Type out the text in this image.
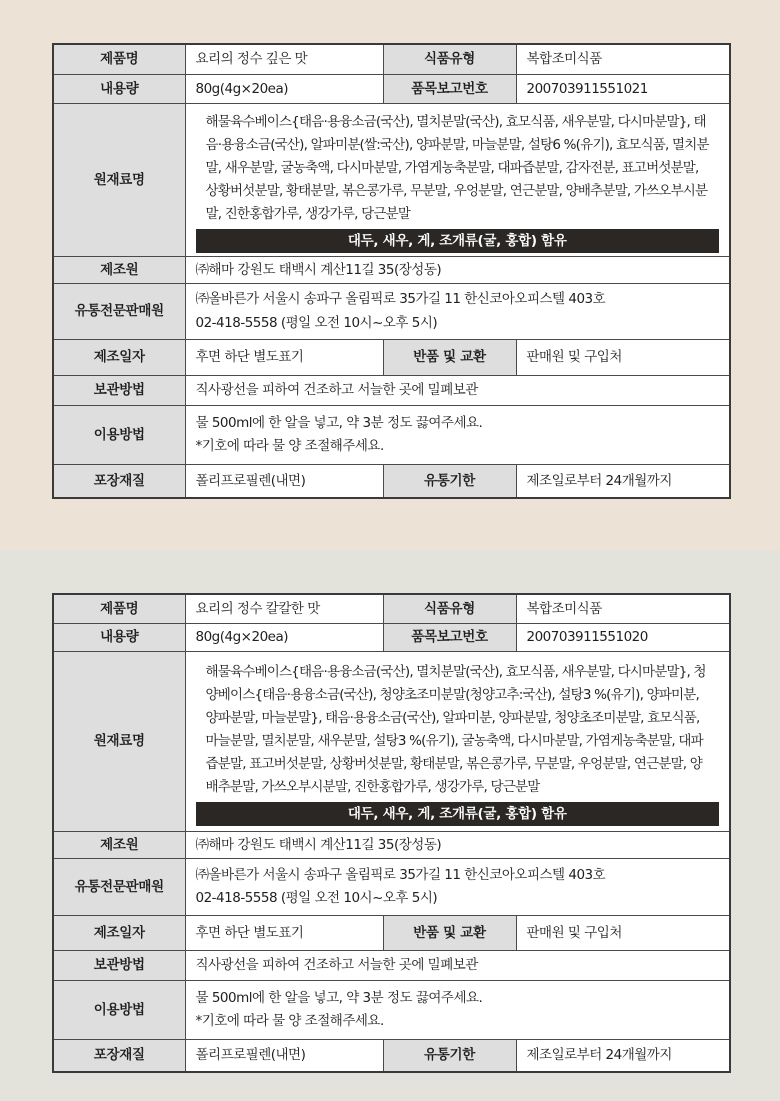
제품명	요리의 정수 깊은 맛	식품유형	복합조미식품
내용량	80g(4g×20ea)	품목보고번호	200703911551021
원재료명	해물육수베이스{태음·용융소금(국산), 멸치분말(국산), 효모식품, 새우분말, 다시마분말}, 태음·용융소금(국산), 알파미분(쌀:국산), 양파분말, 마늘분말, 설탕6 %(유기), 효모식품, 멸치분말, 새우분말, 굴농축액, 다시마분말, 가염게농축분말, 대파즙분말, 감자전분, 표고버섯분말, 상황버섯분말, 황태분말, 볶은콩가루, 무분말, 우엉분말, 연근분말, 양배추분말, 가쓰오부시분말, 진한홍합가루, 생강가루, 당근분말
대두, 새우, 게, 조개류(굴, 홍합) 함유		

제조원	㈜해마 강원도 태백시 계산11길 35(장성동)		
유통전문판매원	㈜올바른가 서울시 송파구 올림픽로 35가길 11 한신코아오피스텔 403호
02-418-5558 (평일 오전 10시~오후 5시)		

제조일자	후면 하단 별도표기	반품 및 교환	판매원 및 구입처
보관방법	직사광선을 피하여 건조하고 서늘한 곳에 밀폐보관		
이용방법	물 500ml에 한 알을 넣고, 약 3분 정도 끓여주세요.
*기호에 따라 물 양 조절해주세요.		

포장재질	폴리프로필렌(내면)	유통기한	제조일로부터 24개월까지
제품명	요리의 정수 칼칼한 맛	식품유형	복합조미식품
내용량	80g(4g×20ea)	품목보고번호	200703911551020
원재료명	해물육수베이스{태음·용융소금(국산), 멸치분말(국산), 효모식품, 새우분말, 다시마분말}, 청양베이스{태음·용융소금(국산), 청양초조미분말(청양고추:국산), 설탕3 %(유기), 양파미분, 양파분말, 마늘분말}, 태음·용융소금(국산), 알파미분, 양파분말, 청양초조미분말, 효모식품, 마늘분말, 멸치분말, 새우분말, 설탕3 %(유기), 굴농축액, 다시마분말, 가염게농축분말, 대파즙분말, 표고버섯분말, 상황버섯분말, 황태분말, 볶은콩가루, 무분말, 우엉분말, 연근분말, 양배추분말, 가쓰오부시분말, 진한홍합가루, 생강가루, 당근분말
대두, 새우, 게, 조개류(굴, 홍합) 함유		

제조원	㈜해마 강원도 태백시 계산11길 35(장성동)		
유통전문판매원	㈜올바른가 서울시 송파구 올림픽로 35가길 11 한신코아오피스텔 403호
02-418-5558 (평일 오전 10시~오후 5시)		

제조일자	후면 하단 별도표기	반품 및 교환	판매원 및 구입처
보관방법	직사광선을 피하여 건조하고 서늘한 곳에 밀폐보관		
이용방법	물 500ml에 한 알을 넣고, 약 3분 정도 끓여주세요.
*기호에 따라 물 양 조절해주세요.		

포장재질	폴리프로필렌(내면)	유통기한	제조일로부터 24개월까지
